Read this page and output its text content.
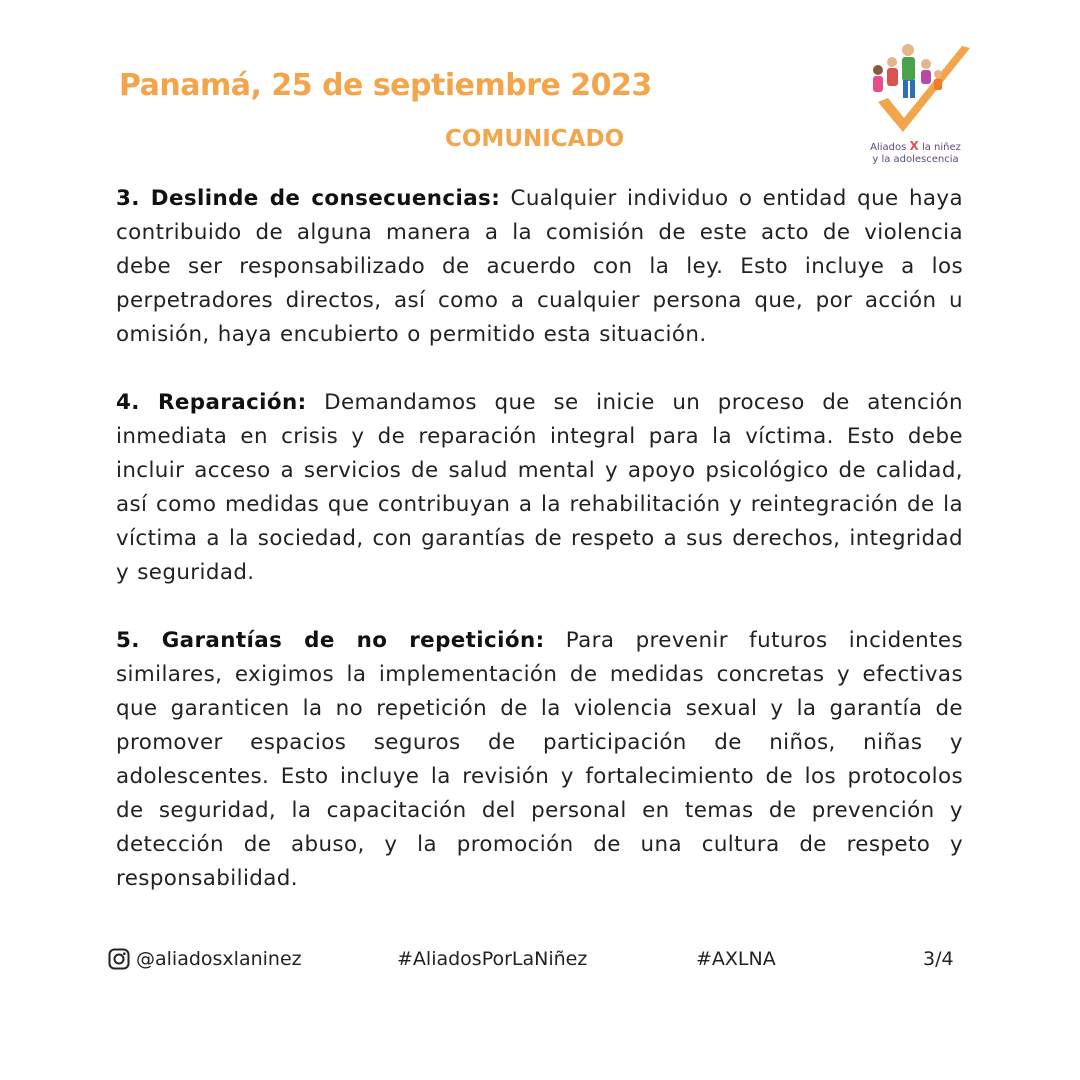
Panamá, 25 de septiembre 2023
COMUNICADO	Aliados X la niñez
y la adolescencia

3. Deslinde de consecuencias: Cualquier individuo o entidad que haya contribuido de alguna manera a la comisión de este acto de violencia debe ser responsabilizado de acuerdo con la ley. Esto incluye a los perpetradores directos, así como a cualquier persona que, por acción u omisión, haya encubierto o permitido esta situación.

4. Reparación: Demandamos que se inicie un proceso de atención inmediata en crisis y de reparación integral para la víctima. Esto debe incluir acceso a servicios de salud mental y apoyo psicológico de calidad, así como medidas que contribuyan a la rehabilitación y reintegración de la víctima a la sociedad, con garantías de respeto a sus derechos, integridad y seguridad.

5. Garantías de no repetición: Para prevenir futuros incidentes similares, exigimos la implementación de medidas concretas y efectivas que garanticen la no repetición de la violencia sexual y la garantía de promover espacios seguros de participación de niños, niñas y adolescentes. Esto incluye la revisión y fortalecimiento de los protocolos de seguridad, la capacitación del personal en temas de prevención y detección de abuso, y la promoción de una cultura de respeto y responsabilidad.

@aliadosxlaninez	#AliadosPorLaNiñez	#AXLNA	3/4
